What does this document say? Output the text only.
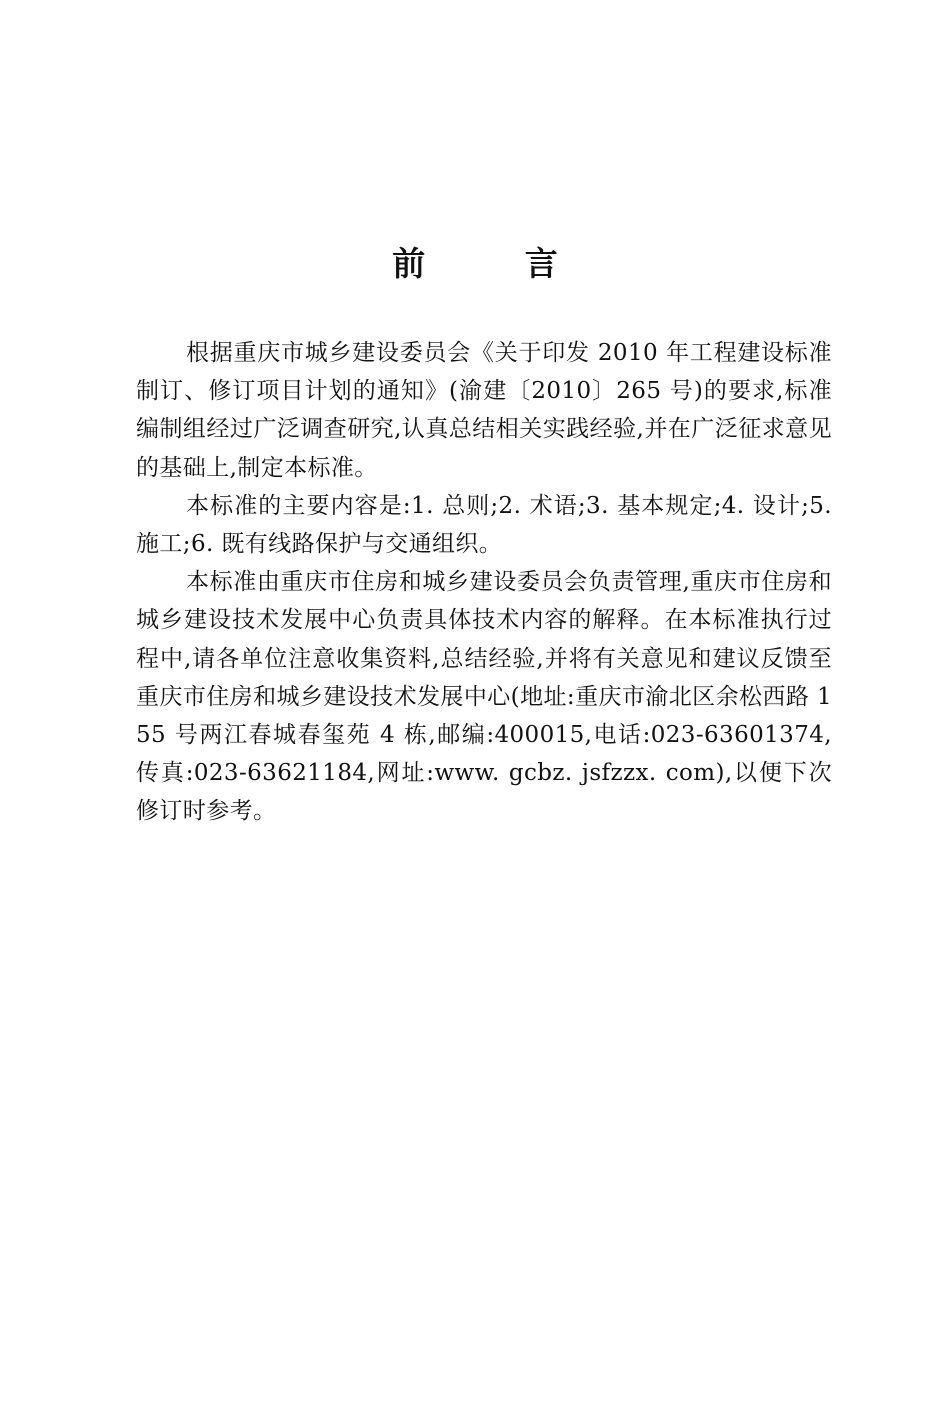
前 言

根据重庆市城乡建设委员会《关于印发 2010 年工程建设标准制订、修订项目计划的通知》(渝建〔2010〕265 号)的要求,标准编制组经过广泛调查研究,认真总结相关实践经验,并在广泛征求意见的基础上,制定本标准。

本标准的主要内容是:1. 总则;2. 术语;3. 基本规定;4. 设计;5. 施工;6. 既有线路保护与交通组织。

本标准由重庆市住房和城乡建设委员会负责管理,重庆市住房和城乡建设技术发展中心负责具体技术内容的解释。在本标准执行过程中,请各单位注意收集资料,总结经验,并将有关意见和建议反馈至重庆市住房和城乡建设技术发展中心(地址:重庆市渝北区余松西路 155 号两江春城春玺苑 4 栋,邮编:400015,电话:023-63601374,传真:023-63621184,网址:www. gcbz. jsfzzx. com),以便下次修订时参考。
